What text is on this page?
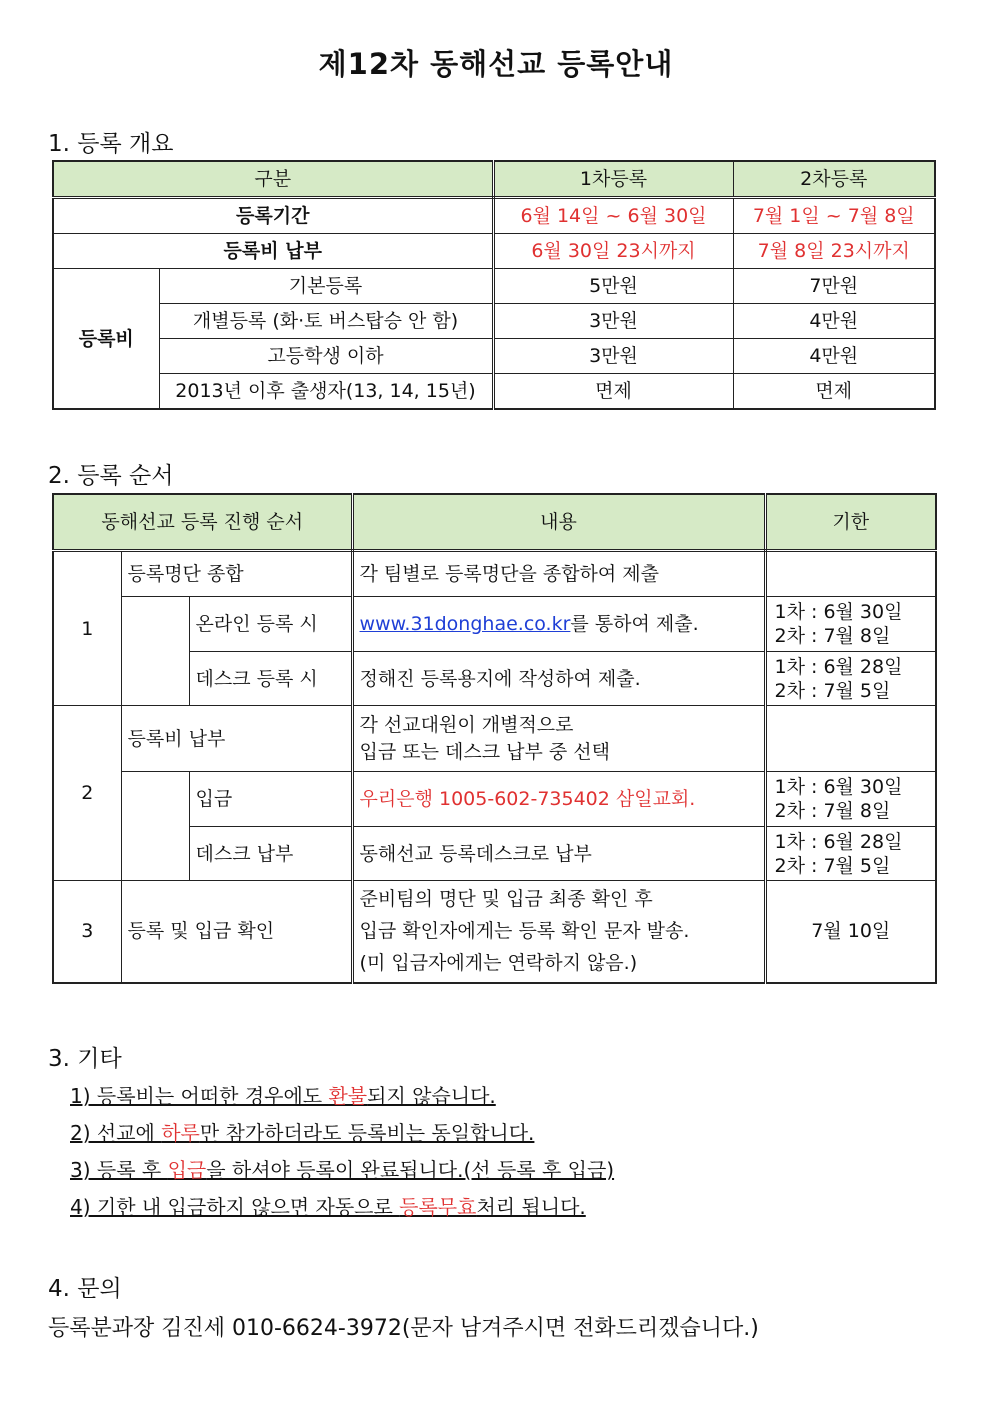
제12차 동해선교 등록안내
1. 등록 개요
구분		1차등록	2차등록
등록기간		6월 14일 ~ 6월 30일	7월 1일 ~ 7월 8일
등록비 납부		6월 30일 23시까지	7월 8일 23시까지
등록비	기본등록	5만원	7만원
	개별등록 (화·토 버스탑승 안 함)	3만원	4만원
	고등학생 이하	3만원	4만원
	2013년 이후 출생자(13, 14, 15년)	면제	면제
2. 등록 순서
동해선교 등록 진행 순서			내용	기한
1	등록명단 종합		각 팀별로 등록명단을 종합하여 제출	
		온라인 등록 시	www.31donghae.co.kr를 통하여 제출.	1차 : 6월 30일
2차 : 7월 8일

		데스크 등록 시	정해진 등록용지에 작성하여 제출.	1차 : 6월 28일
2차 : 7월 5일

2	등록비 납부		각 선교대원이 개별적으로
입금 또는 데스크 납부 중 선택	

		입금	우리은행 1005-602-735402 삼일교회.	1차 : 6월 30일
2차 : 7월 8일

		데스크 납부	동해선교 등록데스크로 납부	1차 : 6월 28일
2차 : 7월 5일

3	등록 및 입금 확인		준비팀의 명단 및 입금 최종 확인 후
입금 확인자에게는 등록 확인 문자 발송.
(미 입금자에게는 연락하지 않음.)	7월 10일
3. 기타
1) 등록비는 어떠한 경우에도 환불되지 않습니다.
2) 선교에 하루만 참가하더라도 등록비는 동일합니다.
3) 등록 후 입금을 하셔야 등록이 완료됩니다.(선 등록 후 입금)
4) 기한 내 입금하지 않으면 자동으로 등록무효처리 됩니다.
4. 문의
등록분과장 김진세 010-6624-3972(문자 남겨주시면 전화드리겠습니다.)
